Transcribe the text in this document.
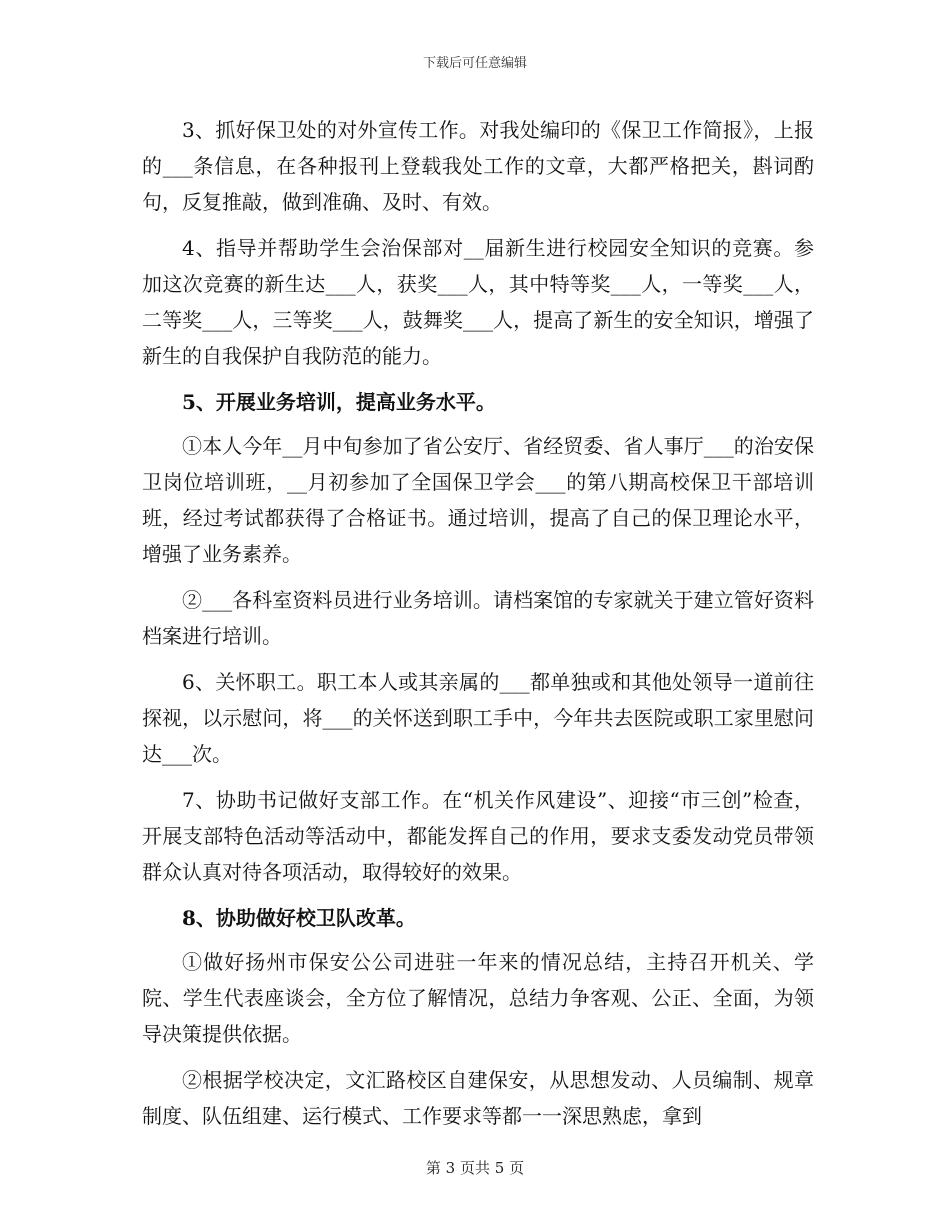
下载后可任意编辑

3、抓好保卫处的对外宣传工作。对我处编印的《保卫工作简报》，上报的___条信息，在各种报刊上登载我处工作的文章，大都严格把关，斟词酌句，反复推敲，做到准确、及时、有效。

4、指导并帮助学生会治保部对__届新生进行校园安全知识的竞赛。参加这次竞赛的新生达___人，获奖___人，其中特等奖___人，一等奖___人，二等奖___人，三等奖___人，鼓舞奖___人，提高了新生的安全知识，增强了新生的自我保护自我防范的能力。

5、开展业务培训，提高业务水平。

①本人今年__月中旬参加了省公安厅、省经贸委、省人事厅___的治安保卫岗位培训班，__月初参加了全国保卫学会___的第八期高校保卫干部培训班，经过考试都获得了合格证书。通过培训，提高了自己的保卫理论水平，增强了业务素养。

②___各科室资料员进行业务培训。请档案馆的专家就关于建立管好资料档案进行培训。

6、关怀职工。职工本人或其亲属的___都单独或和其他处领导一道前往探视，以示慰问，将___的关怀送到职工手中，今年共去医院或职工家里慰问达___次。

7、协助书记做好支部工作。在“机关作风建设”、迎接“市三创”检查，开展支部特色活动等活动中，都能发挥自己的作用，要求支委发动党员带领群众认真对待各项活动，取得较好的效果。

8、协助做好校卫队改革。

①做好扬州市保安公公司进驻一年来的情况总结，主持召开机关、学院、学生代表座谈会，全方位了解情况，总结力争客观、公正、全面，为领导决策提供依据。

②根据学校决定，文汇路校区自建保安，从思想发动、人员编制、规章制度、队伍组建、运行模式、工作要求等都一一深思熟虑，拿到

第 3 页共 5 页
